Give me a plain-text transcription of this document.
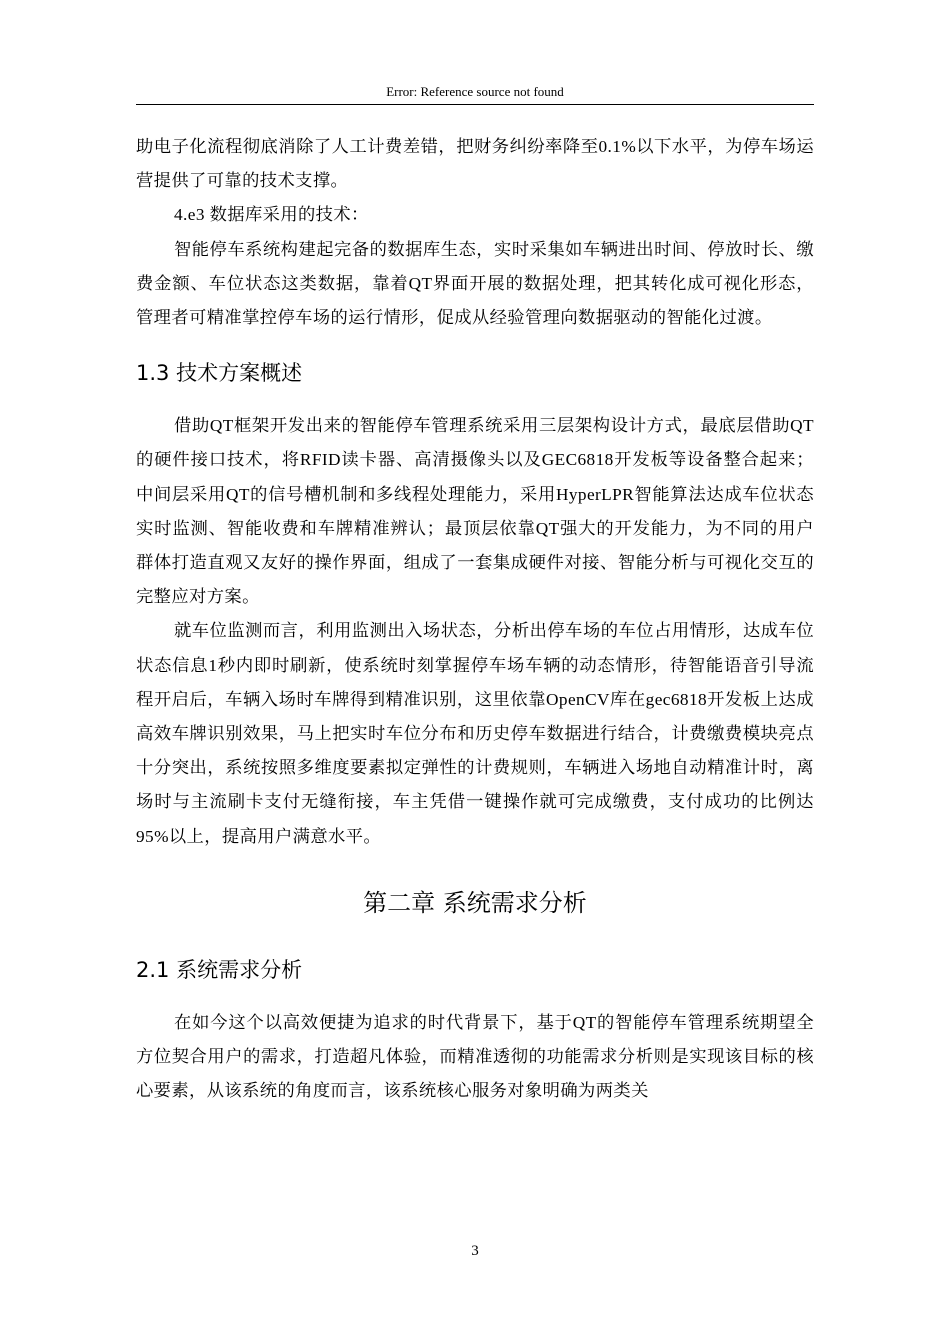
Error: Reference source not found

助电子化流程彻底消除了人工计费差错，把财务纠纷率降至0.1%以下水平，为停车场运营提供了可靠的技术支撑。

4.e3 数据库采用的技术：

智能停车系统构建起完备的数据库生态，实时采集如车辆进出时间、停放时长、缴费金额、车位状态这类数据，靠着QT界面开展的数据处理，把其转化成可视化形态，管理者可精准掌控停车场的运行情形，促成从经验管理向数据驱动的智能化过渡。

1.3 技术方案概述

借助QT框架开发出来的智能停车管理系统采用三层架构设计方式，最底层借助QT的硬件接口技术，将RFID读卡器、高清摄像头以及GEC6818开发板等设备整合起来；中间层采用QT的信号槽机制和多线程处理能力，采用HyperLPR智能算法达成车位状态实时监测、智能收费和车牌精准辨认；最顶层依靠QT强大的开发能力，为不同的用户群体打造直观又友好的操作界面，组成了一套集成硬件对接、智能分析与可视化交互的完整应对方案。

就车位监测而言，利用监测出入场状态，分析出停车场的车位占用情形，达成车位状态信息1秒内即时刷新，使系统时刻掌握停车场车辆的动态情形，待智能语音引导流程开启后，车辆入场时车牌得到精准识别，这里依靠OpenCV库在gec6818开发板上达成高效车牌识别效果，马上把实时车位分布和历史停车数据进行结合，计费缴费模块亮点十分突出，系统按照多维度要素拟定弹性的计费规则，车辆进入场地自动精准计时，离场时与主流刷卡支付无缝衔接，车主凭借一键操作就可完成缴费，支付成功的比例达95%以上，提高用户满意水平。

第二章 系统需求分析
2.1 系统需求分析

在如今这个以高效便捷为追求的时代背景下，基于QT的智能停车管理系统期望全方位契合用户的需求，打造超凡体验，而精准透彻的功能需求分析则是实现该目标的核心要素，从该系统的角度而言，该系统核心服务对象明确为两类关

3
